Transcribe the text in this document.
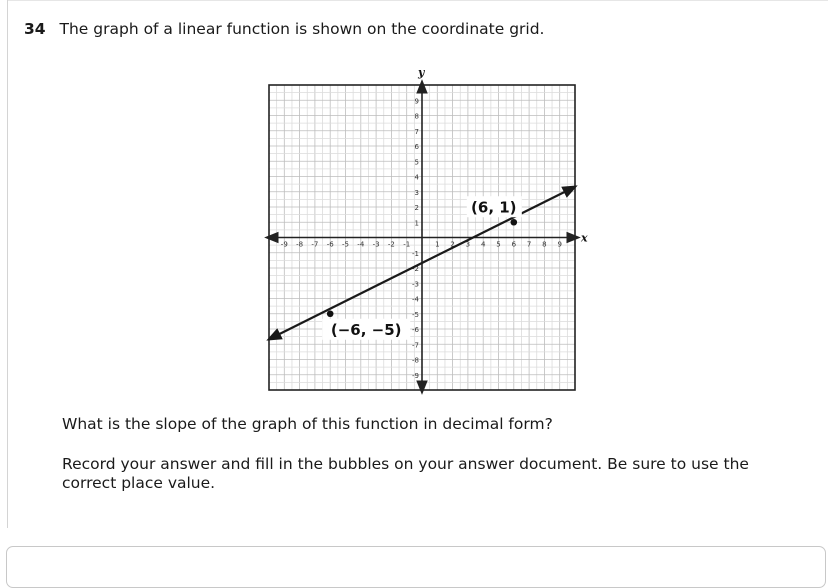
34 The graph of a linear function is shown on the coordinate grid.
x
y
-9 -8 -7 -6 -5 -4 -3 -2 -1	1 2 3 4 5 6 7 8 9
9
8
7
6
5
4
3
2
1
-1
-2
-3
-4
-5
-6
-7
-8
-9
(−6, −5)
(6, 1)
What is the slope of the graph of this function in decimal form?
Record your answer and fill in the bubbles on your answer document. Be sure to use the correct place value.
